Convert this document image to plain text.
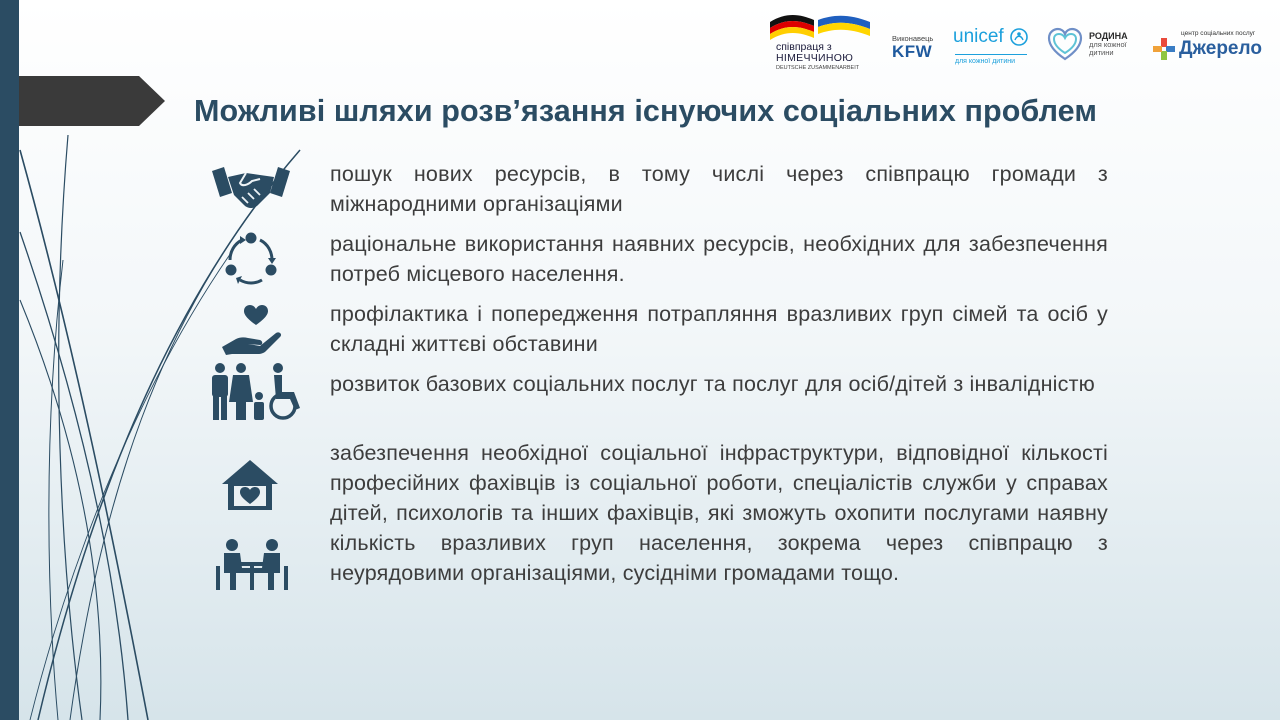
Можливі шляхи розв’язання існуючих соціальних проблем
співпраця з
НІМЕЧЧИНОЮ
DEUTSCHE ZUSAMMENARBEIT
Виконавець
KFW
unicef
для кожної дитини
РОДИНА
для кожної
дитини
центр соціальних послуг
Джерело
пошук нових ресурсів, в тому числі через співпрацю громади з міжнародними організаціями
раціональне використання наявних ресурсів, необхідних для забезпечення потреб місцевого населення.
профілактика і попередження потрапляння вразливих груп сімей та осіб у складні життєві обставини
розвиток базових соціальних послуг та послуг для осіб/дітей з інвалідністю
забезпечення необхідної соціальної інфраструктури, відповідної кількості професійних фахівців із соціальної роботи, спеціалістів служби у справах дітей, психологів та інших фахівців, які зможуть охопити послугами наявну кількість вразливих груп населення, зокрема через співпрацю з неурядовими організаціями, сусідніми громадами тощо.
